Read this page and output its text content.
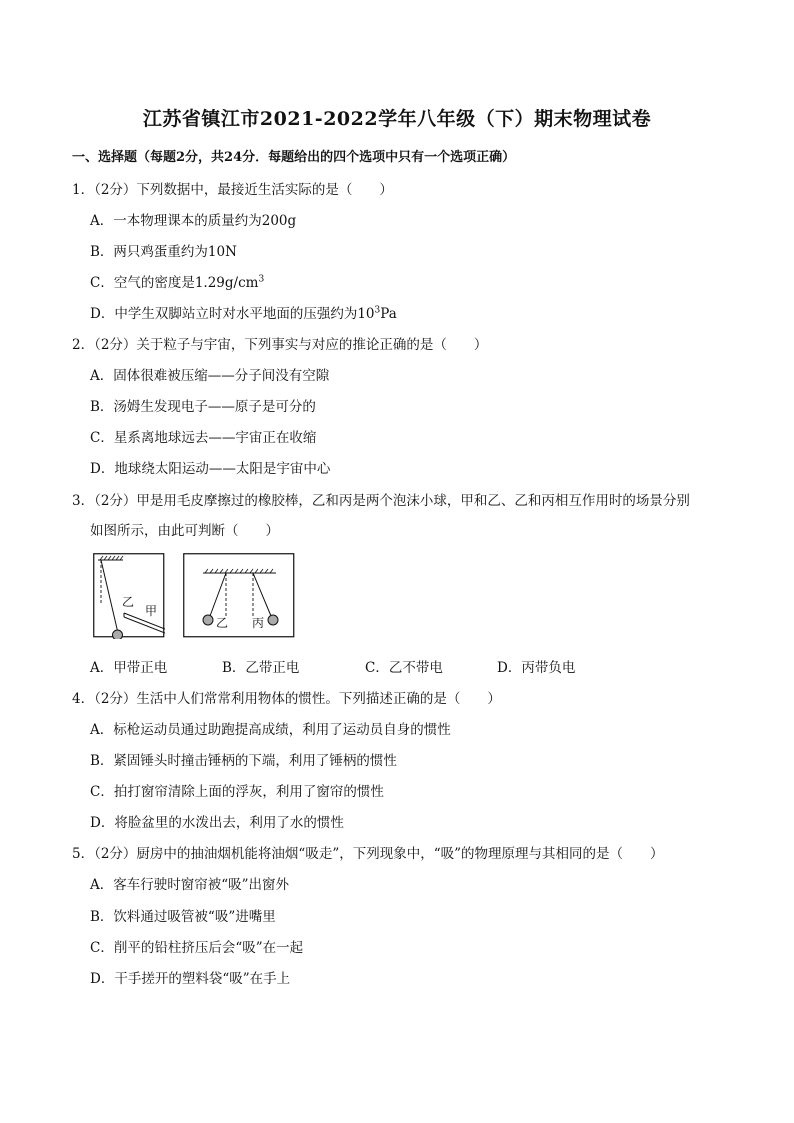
江苏省镇江市2021-2022学年八年级（下）期末物理试卷
一、选择题（每题2分，共24分．每题给出的四个选项中只有一个选项正确）
1．（2分）下列数据中，最接近生活实际的是（　　）
A．一本物理课本的质量约为200g
B．两只鸡蛋重约为10N
C．空气的密度是$1.29g/cm^3$
D．中学生双脚站立时对水平地面的压强约为$10^3Pa$
2．（2分）关于粒子与宇宙，下列事实与对应的推论正确的是（　　）
A．固体很难被压缩——分子间没有空隙
B．汤姆生发现电子——原子是可分的
C．星系离地球远去——宇宙正在收缩
D．地球绕太阳运动——太阳是宇宙中心
3．（2分）甲是用毛皮摩擦过的橡胶棒，乙和丙是两个泡沫小球，甲和乙、乙和丙相互作用时的场景分别
如图所示，由此可判断（　　）
乙
甲
乙 丙
A．甲带正电	B．乙带正电	C．乙不带电	D．丙带负电
4．（2分）生活中人们常常利用物体的惯性。下列描述正确的是（　　）
A．标枪运动员通过助跑提高成绩，利用了运动员自身的惯性
B．紧固锤头时撞击锤柄的下端，利用了锤柄的惯性
C．拍打窗帘清除上面的浮灰，利用了窗帘的惯性
D．将脸盆里的水泼出去，利用了水的惯性
5．（2分）厨房中的抽油烟机能将油烟“吸走”，下列现象中，“吸”的物理原理与其相同的是（　　）
A．客车行驶时窗帘被“吸”出窗外
B．饮料通过吸管被“吸”进嘴里
C．削平的铅柱挤压后会“吸”在一起
D．干手搓开的塑料袋“吸”在手上
